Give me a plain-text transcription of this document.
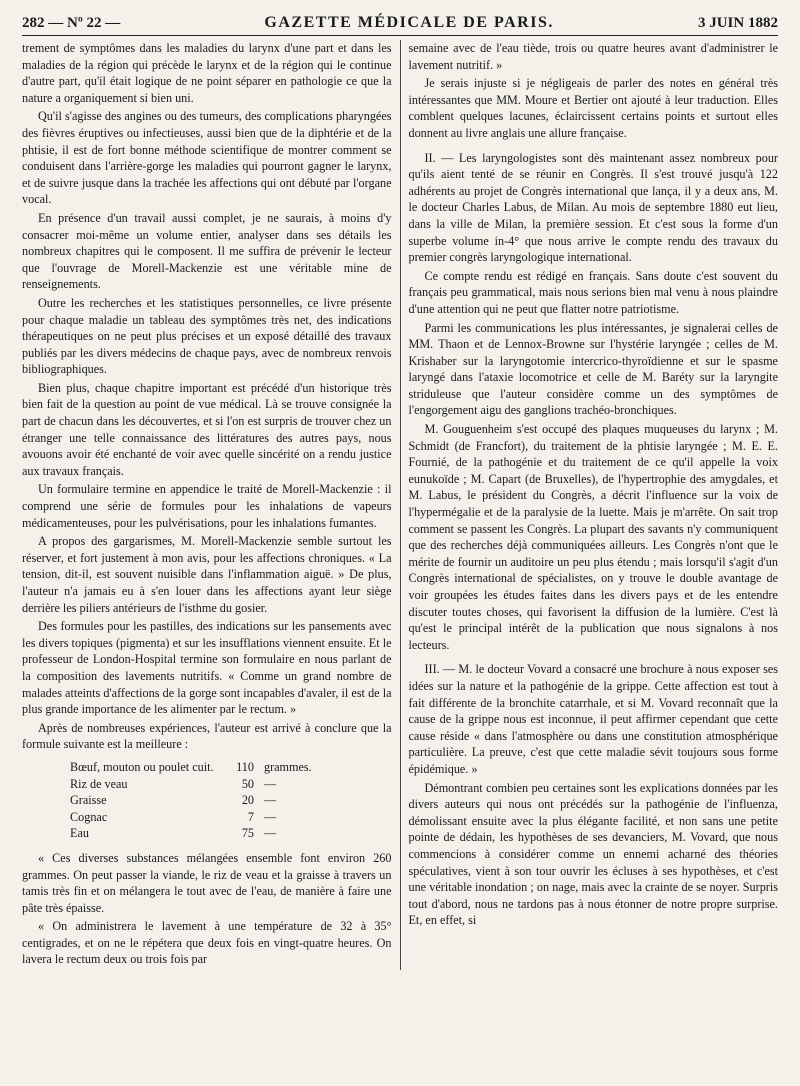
282 — Nº 22 —	GAZETTE MÉDICALE DE PARIS.	3 JUIN 1882

trement de symptômes dans les maladies du larynx d'une part et dans les maladies de la région qui précède le larynx et de la région qui le continue d'autre part, qu'il était logique de ne point séparer en pathologie ce que la nature a organiquement si bien uni.

Qu'il s'agisse des angines ou des tumeurs, des complications pharyngées des fièvres éruptives ou infectieuses, aussi bien que de la diphtérie et de la phtisie, il est de fort bonne méthode scientifique de montrer comment se conduisent dans l'arrière-gorge les maladies qui pourront gagner le larynx, et de suivre jusque dans la trachée les affections qui ont débuté par l'organe vocal.

En présence d'un travail aussi complet, je ne saurais, à moins d'y consacrer moi-même un volume entier, analyser dans ses détails les nombreux chapitres qui le composent. Il me suffira de prévenir le lecteur que l'ouvrage de Morell-Mackenzie est une véritable mine de renseignements.

Outre les recherches et les statistiques personnelles, ce livre présente pour chaque maladie un tableau des symptômes très net, des indications thérapeutiques on ne peut plus précises et un exposé détaillé des travaux publiés par les divers médecins de chaque pays, avec de nombreux renvois bibliographiques.

Bien plus, chaque chapitre important est précédé d'un historique très bien fait de la question au point de vue médical. Là se trouve consignée la part de chacun dans les découvertes, et si l'on est surpris de trouver chez un étranger une telle connaissance des littératures des autres pays, nous avouons avoir été enchanté de voir avec quelle sincérité on a rendu justice aux travaux français.

Un formulaire termine en appendice le traité de Morell-Mackenzie : il comprend une série de formules pour les inhalations de vapeurs médicamenteuses, pour les pulvérisations, pour les inhalations fumantes.

A propos des gargarismes, M. Morell-Mackenzie semble surtout les réserver, et fort justement à mon avis, pour les affections chroniques. « La tension, dit-il, est souvent nuisible dans l'inflammation aiguë. » De plus, l'auteur n'a jamais eu à s'en louer dans les affections ayant leur siège derrière les piliers antérieurs de l'isthme du gosier.

Des formules pour les pastilles, des indications sur les pansements avec les divers topiques (pigmenta) et sur les insufflations viennent ensuite. Et le professeur de London-Hospital termine son formulaire en nous parlant de la composition des lavements nutritifs. « Comme un grand nombre de malades atteints d'affections de la gorge sont incapables d'avaler, il est de la plus grande importance de les alimenter par le rectum. »

Après de nombreuses expériences, l'auteur est arrivé à conclure que la formule suivante est la meilleure :

Bœuf, mouton ou poulet cuit.	110 grammes.
Riz de veau	50 —
Graisse	20 —
Cognac	7 —
Eau	75 —

« Ces diverses substances mélangées ensemble font environ 260 grammes. On peut passer la viande, le riz de veau et la graisse à travers un tamis très fin et on mélangera le tout avec de l'eau, de manière à faire une pâte très épaisse.

« On administrera le lavement à une température de 32 à 35° centigrades, et on ne le répétera que deux fois en vingt-quatre heures. On lavera le rectum deux ou trois fois par

semaine avec de l'eau tiède, trois ou quatre heures avant d'administrer le lavement nutritif. »

Je serais injuste si je négligeais de parler des notes en général très intéressantes que MM. Moure et Bertier ont ajouté à leur traduction. Elles comblent quelques lacunes, éclaircissent certains points et surtout elles donnent au livre anglais une allure française.

II. — Les laryngologistes sont dès maintenant assez nombreux pour qu'ils aient tenté de se réunir en Congrès. Il s'est trouvé jusqu'à 122 adhérents au projet de Congrès international que lança, il y a deux ans, M. le docteur Charles Labus, de Milan. Au mois de septembre 1880 eut lieu, dans la ville de Milan, la première session. Et c'est sous la forme d'un superbe volume in-4° que nous arrive le compte rendu des travaux du premier congrès laryngologique international.

Ce compte rendu est rédigé en français. Sans doute c'est souvent du français peu grammatical, mais nous serions bien mal venu à nous plaindre d'une attention qui ne peut que flatter notre patriotisme.

Parmi les communications les plus intéressantes, je signalerai celles de MM. Thaon et de Lennox-Browne sur l'hystérie laryngée ; celles de M. Krishaber sur la laryngotomie intercrico-thyroïdienne et sur le spasme laryngé dans l'ataxie locomotrice et celle de M. Baréty sur la laryngite striduleuse que l'auteur considère comme un des symptômes de l'engorgement aigu des ganglions trachéo-bronchiques.

M. Gouguenheim s'est occupé des plaques muqueuses du larynx ; M. Schmidt (de Francfort), du traitement de la phtisie laryngée ; M. E. E. Fournié, de la pathogénie et du traitement de ce qu'il appelle la voix eunukoïde ; M. Capart (de Bruxelles), de l'hypertrophie des amygdales, et M. Labus, le président du Congrès, a décrit l'influence sur la voix de l'hypermégalie et de la paralysie de la luette. Mais je m'arrête. On sait trop comment se passent les Congrès. La plupart des savants n'y communiquent que des recherches déjà communiquées ailleurs. Les Congrès n'ont que le mérite de fournir un auditoire un peu plus étendu ; mais lorsqu'il s'agit d'un Congrès international de spécialistes, on y trouve le double avantage de voir groupées les études faites dans les divers pays et de les entendre discuter toutes choses, qui favorisent la diffusion de la lumière. C'est là qu'est le principal intérêt de la publication que nous signalons à nos lecteurs.

III. — M. le docteur Vovard a consacré une brochure à nous exposer ses idées sur la nature et la pathogénie de la grippe. Cette affection est tout à fait différente de la bronchite catarrhale, et si M. Vovard reconnaît que la cause de la grippe nous est inconnue, il peut affirmer cependant que cette cause réside « dans l'atmosphère ou dans une constitution atmosphérique particulière. La preuve, c'est que cette maladie sévit toujours sous forme épidémique. »

Démontrant combien peu certaines sont les explications données par les divers auteurs qui nous ont précédés sur la pathogénie de l'influenza, démolissant ensuite avec la plus élégante facilité, et non sans une petite pointe de dédain, les hypothèses de ses devanciers, M. Vovard, que nous commencions à considérer comme un ennemi acharné des théories spéculatives, vient à son tour ouvrir les écluses à ses hypothèses, et c'est une véritable inondation ; on nage, mais avec la crainte de se noyer. Surpris tout d'abord, nous ne tardons pas à nous étonner de notre propre surprise. Et, en effet, si
